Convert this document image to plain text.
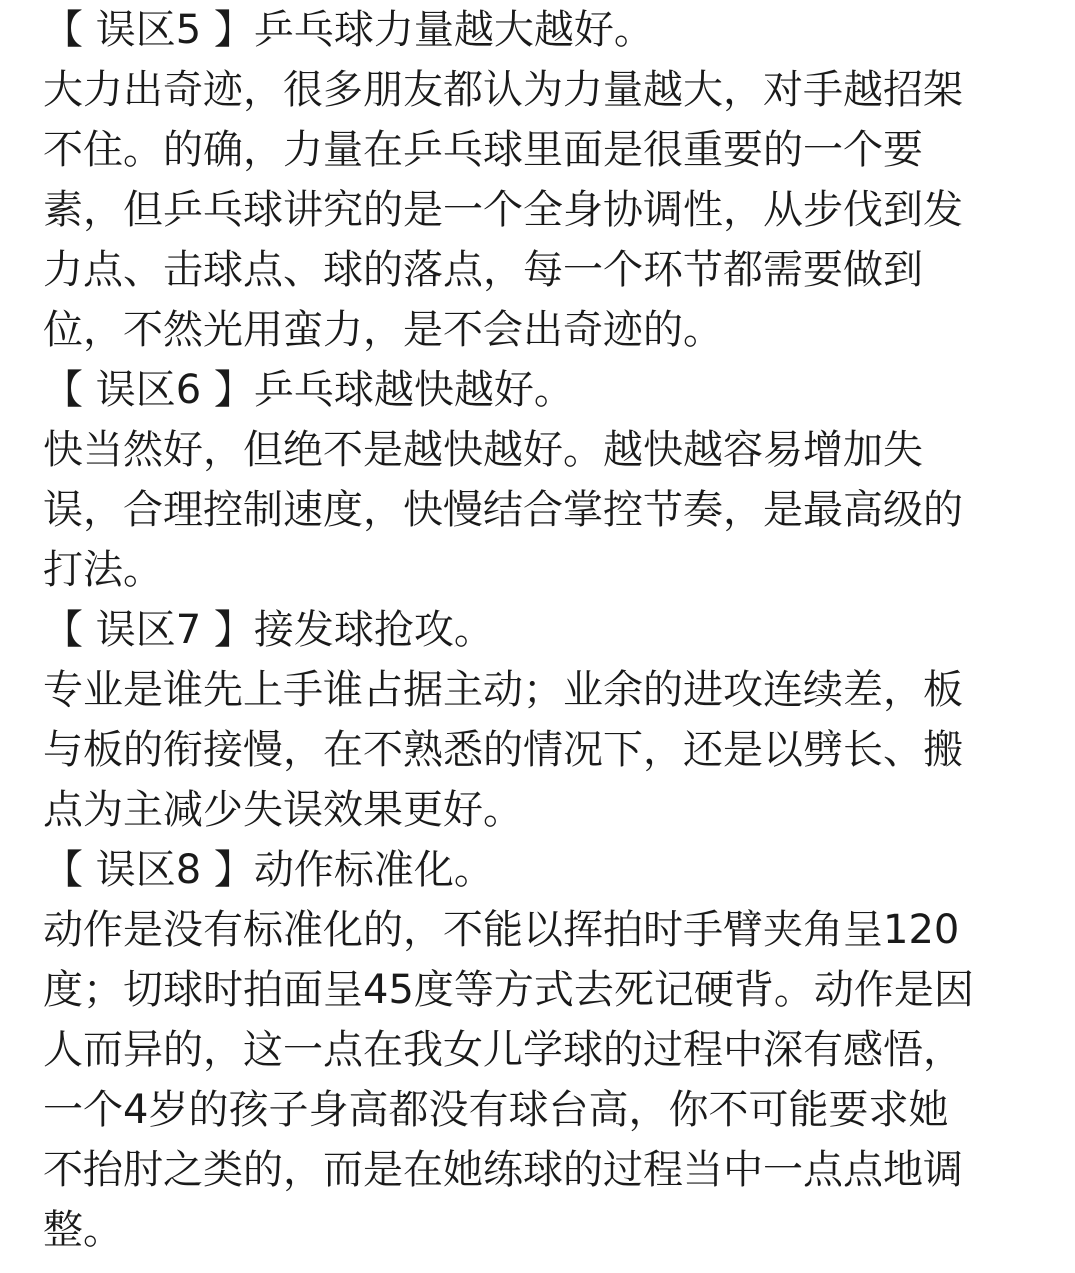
【 误区5 】乒乓球力量越大越好。
大力出奇迹，很多朋友都认为力量越大，对手越招架
不住。的确，力量在乒乓球里面是很重要的一个要
素，但乒乓球讲究的是一个全身协调性，从步伐到发
力点、击球点、球的落点，每一个环节都需要做到
位，不然光用蛮力，是不会出奇迹的。
【 误区6 】乒乓球越快越好。
快当然好，但绝不是越快越好。越快越容易增加失
误，合理控制速度，快慢结合掌控节奏，是最高级的
打法。
【 误区7 】接发球抢攻。
专业是谁先上手谁占据主动；业余的进攻连续差，板
与板的衔接慢，在不熟悉的情况下，还是以劈长、搬
点为主减少失误效果更好。
【 误区8 】动作标准化。
动作是没有标准化的，不能以挥拍时手臂夹角呈120
度；切球时拍面呈45度等方式去死记硬背。动作是因
人而异的，这一点在我女儿学球的过程中深有感悟，
一个4岁的孩子身高都没有球台高，你不可能要求她
不抬肘之类的，而是在她练球的过程当中一点点地调
整。
